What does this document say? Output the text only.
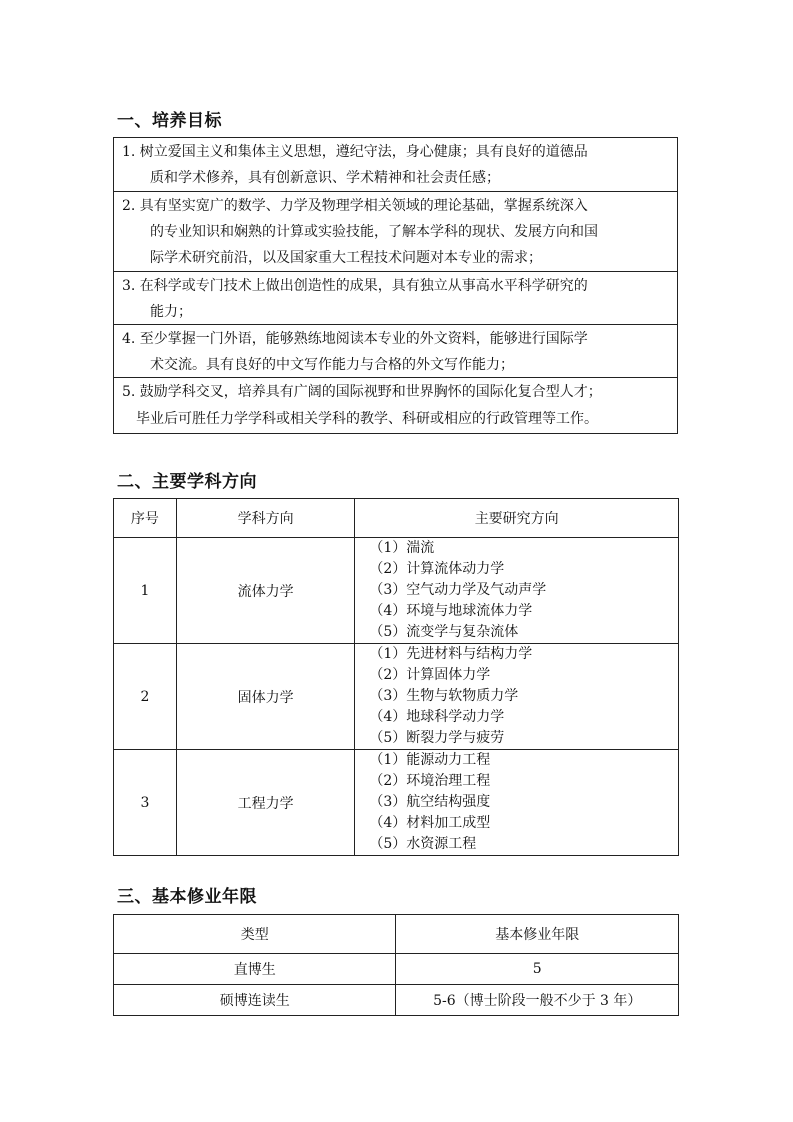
一、培养目标
1. 树立爱国主义和集体主义思想，遵纪守法，身心健康；具有良好的道德品
质和学术修养，具有创新意识、学术精神和社会责任感；
2. 具有坚实宽广的数学、力学及物理学相关领域的理论基础，掌握系统深入
的专业知识和娴熟的计算或实验技能，了解本学科的现状、发展方向和国
际学术研究前沿，以及国家重大工程技术问题对本专业的需求；
3. 在科学或专门技术上做出创造性的成果，具有独立从事高水平科学研究的
能力；
4. 至少掌握一门外语，能够熟练地阅读本专业的外文资料，能够进行国际学
术交流。具有良好的中文写作能力与合格的外文写作能力；
5. 鼓励学科交叉，培养具有广阔的国际视野和世界胸怀的国际化复合型人才；
毕业后可胜任力学学科或相关学科的教学、科研或相应的行政管理等工作。
二、主要学科方向
序号	学科方向	主要研究方向
1	流体力学	（1）湍流
（2）计算流体动力学
（3）空气动力学及气动声学
（4）环境与地球流体力学
（5）流变学与复杂流体

2	固体力学	（1）先进材料与结构力学
（2）计算固体力学
（3）生物与软物质力学
（4）地球科学动力学
（5）断裂力学与疲劳

3	工程力学	（1）能源动力工程
（2）环境治理工程
（3）航空结构强度
（4）材料加工成型
（5）水资源工程
三、基本修业年限
类型	基本修业年限
直博生	5
硕博连读生	5-6（博士阶段一般不少于 3 年）
